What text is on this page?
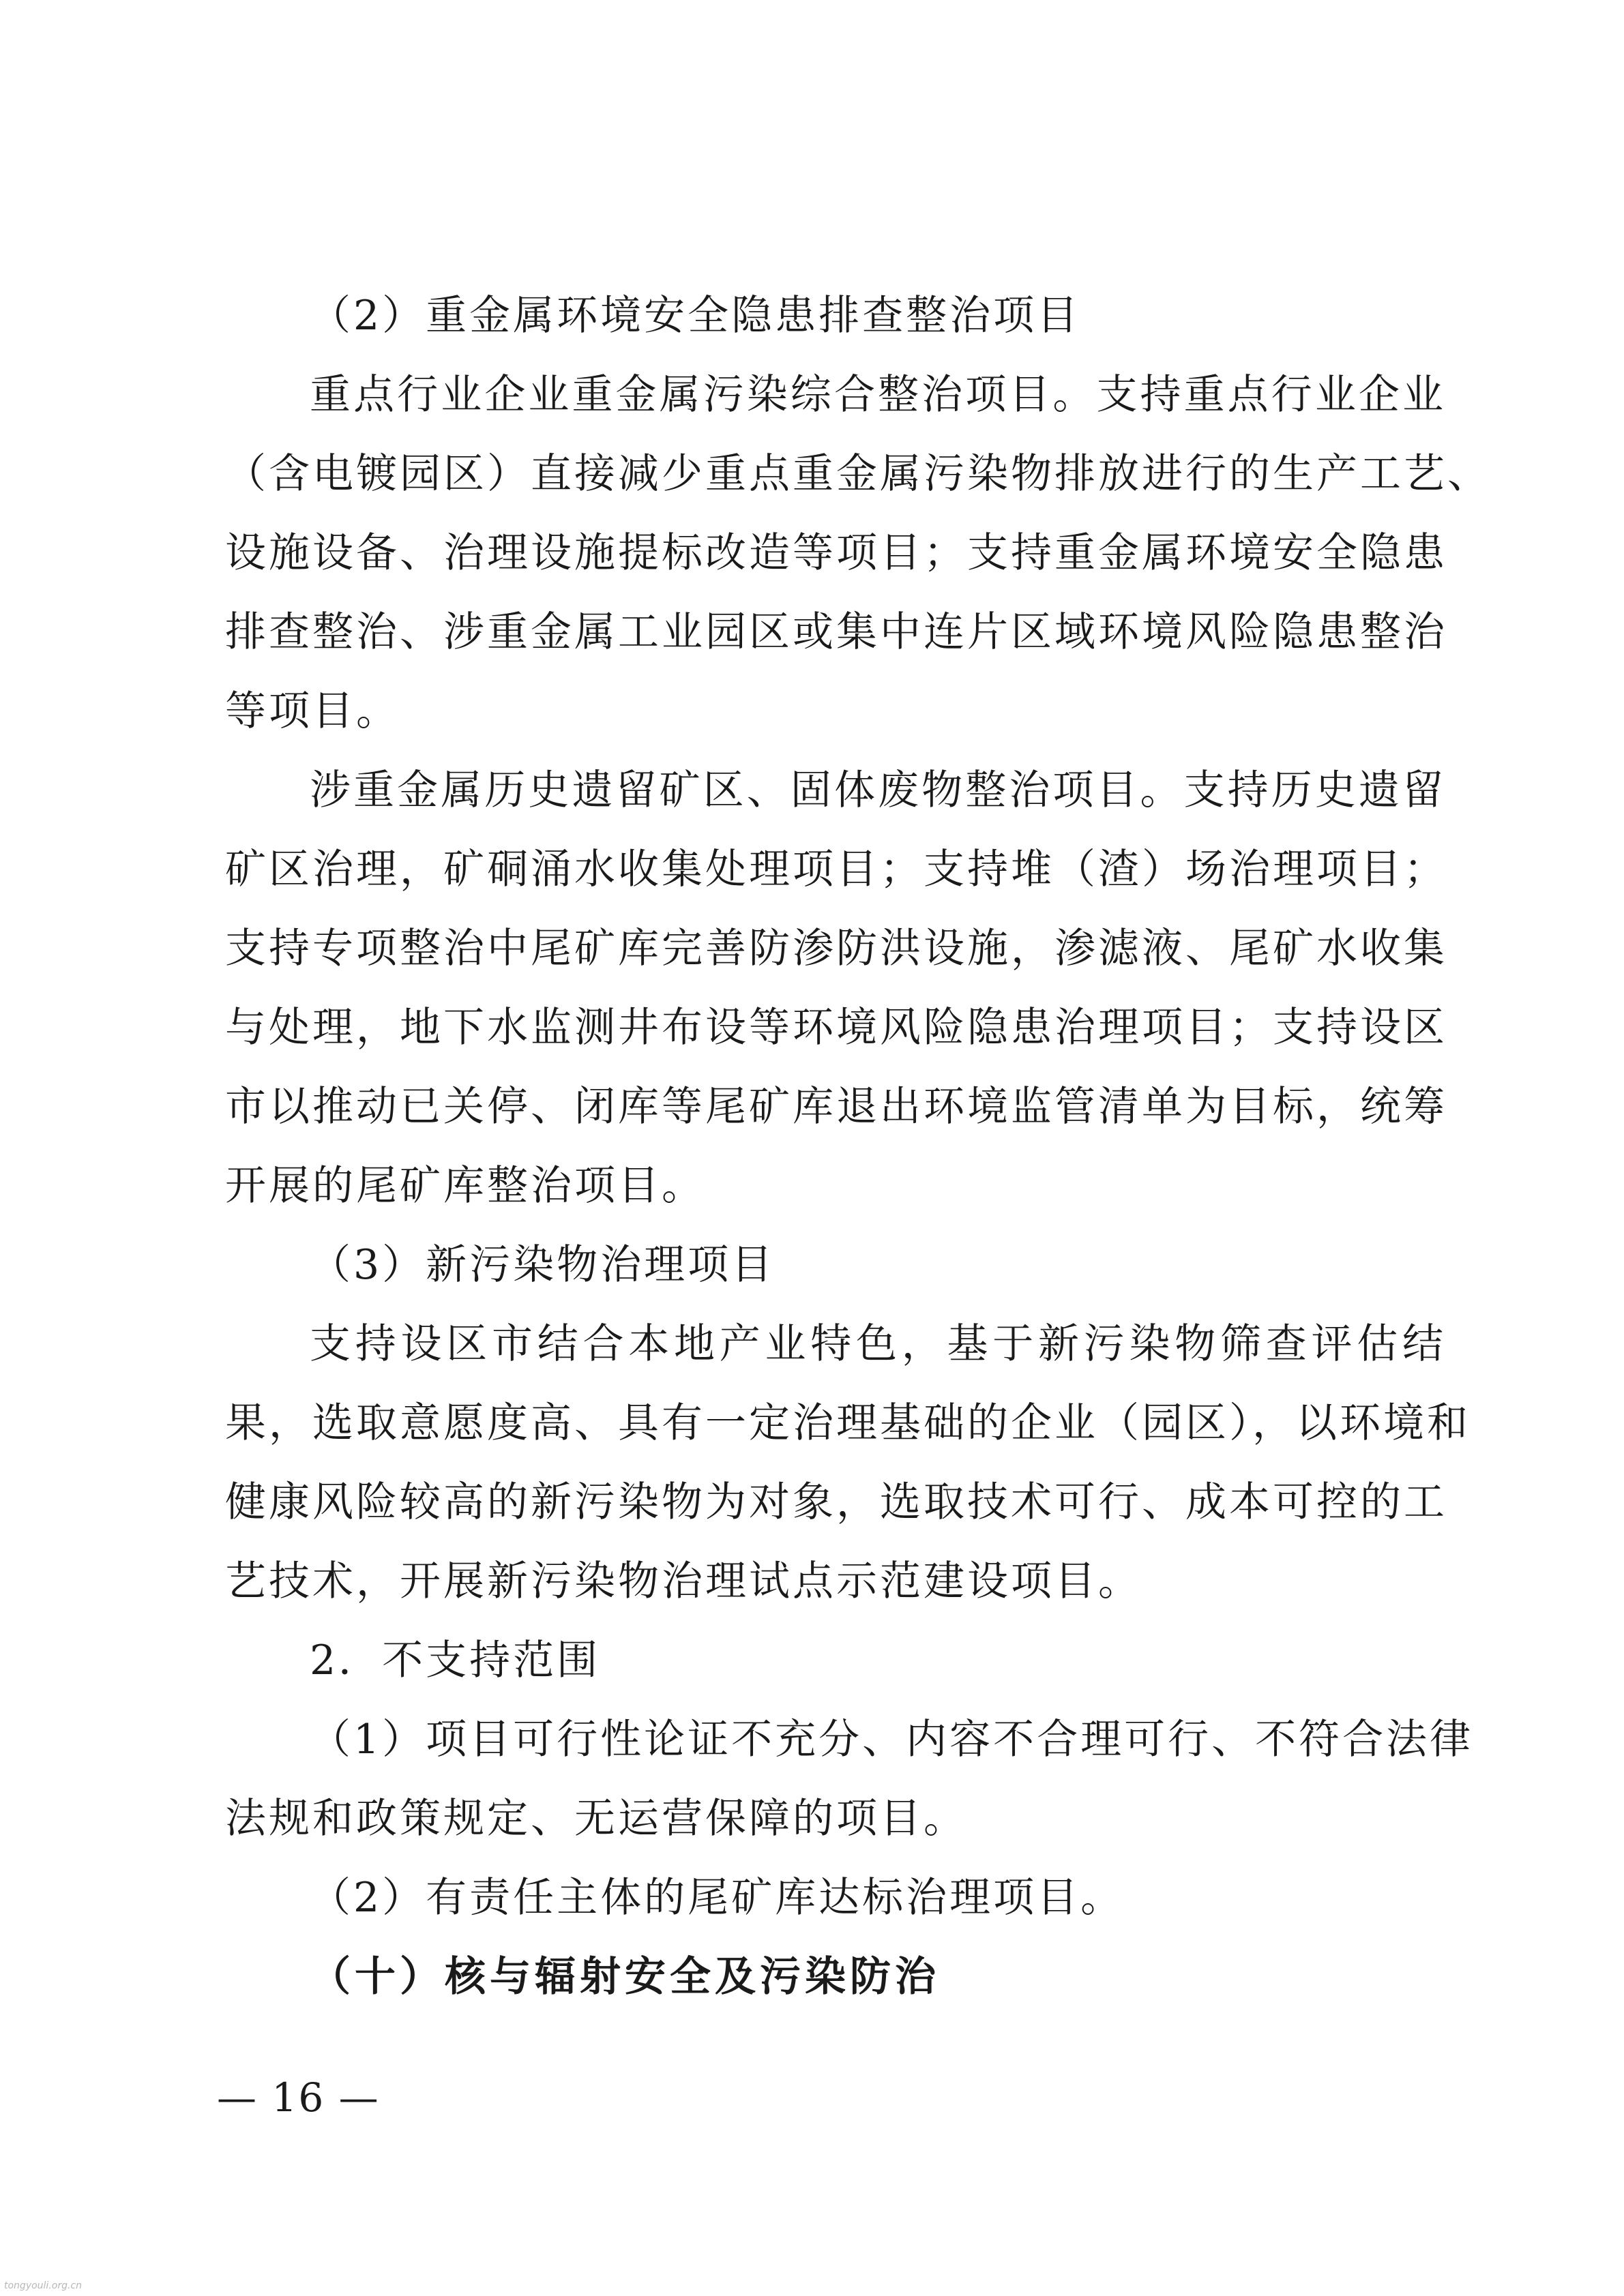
（2）重金属环境安全隐患排查整治项目
重点行业企业重金属污染综合整治项目。支持重点行业企业
（含电镀园区）直接减少重点重金属污染物排放进行的生产工艺、
设施设备、治理设施提标改造等项目；支持重金属环境安全隐患
排查整治、涉重金属工业园区或集中连片区域环境风险隐患整治
等项目。
涉重金属历史遗留矿区、固体废物整治项目。支持历史遗留
矿区治理，矿硐涌水收集处理项目；支持堆（渣）场治理项目；
支持专项整治中尾矿库完善防渗防洪设施，渗滤液、尾矿水收集
与处理，地下水监测井布设等环境风险隐患治理项目；支持设区
市以推动已关停、闭库等尾矿库退出环境监管清单为目标，统筹
开展的尾矿库整治项目。
（3）新污染物治理项目
支持设区市结合本地产业特色，基于新污染物筛查评估结
果，选取意愿度高、具有一定治理基础的企业（园区），以环境和
健康风险较高的新污染物为对象，选取技术可行、成本可控的工
艺技术，开展新污染物治理试点示范建设项目。
2．不支持范围
（1）项目可行性论证不充分、内容不合理可行、不符合法律
法规和政策规定、无运营保障的项目。
（2）有责任主体的尾矿库达标治理项目。
（十）核与辐射安全及污染防治
— 16 —
tongyouli.org.cn
